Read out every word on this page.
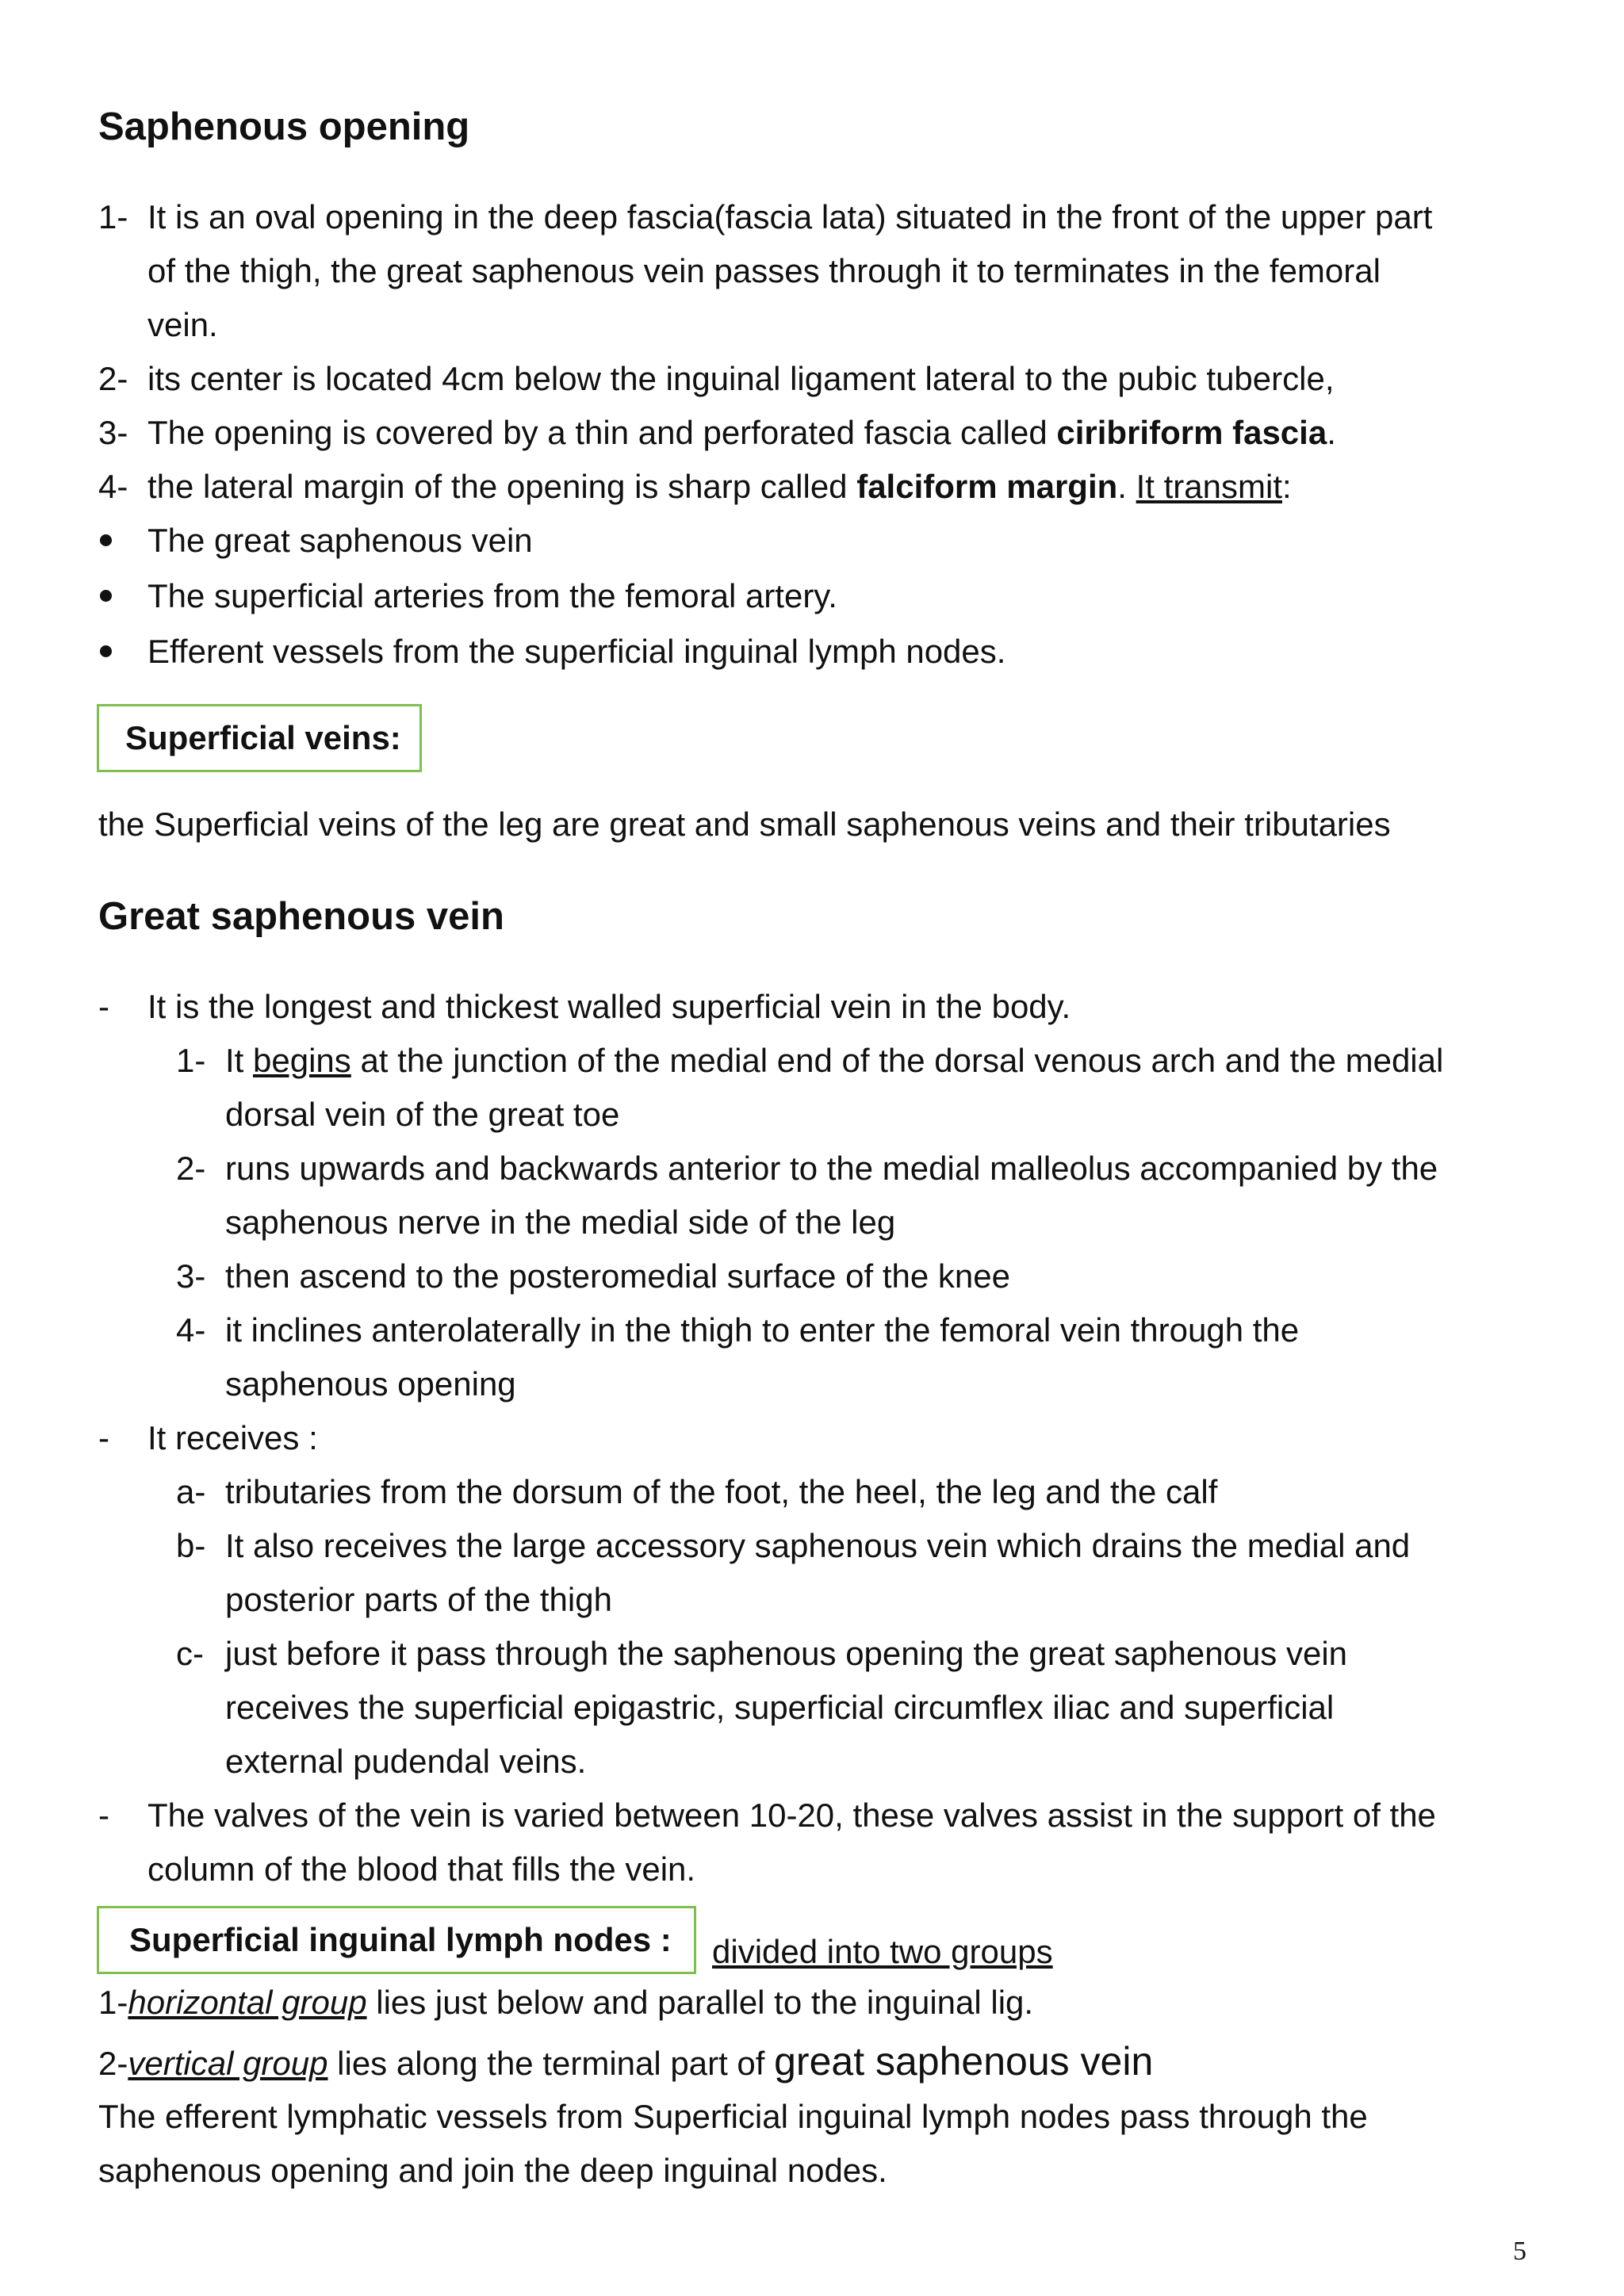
Saphenous opening
1- It is an oval opening in the deep fascia(fascia lata) situated in the front of the upper part
of the thigh, the great saphenous vein passes through it to terminates in the femoral
vein.
2- its center is located 4cm below the inguinal ligament lateral to the pubic tubercle,
3- The opening is covered by a thin and perforated fascia called ciribriform fascia.
4- the lateral margin of the opening is sharp called falciform margin. It transmit:
The great saphenous vein
The superficial arteries from the femoral artery.
Efferent vessels from the superficial inguinal lymph nodes.
Superficial veins:
the Superficial veins of the leg are great and small saphenous veins and their tributaries
Great saphenous vein
- It is the longest and thickest walled superficial vein in the body.
1- It begins at the junction of the medial end of the dorsal venous arch and the medial
dorsal vein of the great toe
2- runs upwards and backwards anterior to the medial malleolus accompanied by the
saphenous nerve in the medial side of the leg
3- then ascend to the posteromedial surface of the knee
4- it inclines anterolaterally in the thigh to enter the femoral vein through the
saphenous opening
- It receives :
a- tributaries from the dorsum of the foot, the heel, the leg and the calf
b- It also receives the large accessory saphenous vein which drains the medial and
posterior parts of the thigh
c- just before it pass through the saphenous opening the great saphenous vein
receives the superficial epigastric, superficial circumflex iliac and superficial
external pudendal veins.
- The valves of the vein is varied between 10-20, these valves assist in the support of the
column of the blood that fills the vein.
Superficial inguinal lymph nodes :	divided into two groups
1-horizontal group lies just below and parallel to the inguinal lig.
2-vertical group lies along the terminal part of great saphenous vein
The efferent lymphatic vessels from Superficial inguinal lymph nodes pass through the
saphenous opening and join the deep inguinal nodes.
5
